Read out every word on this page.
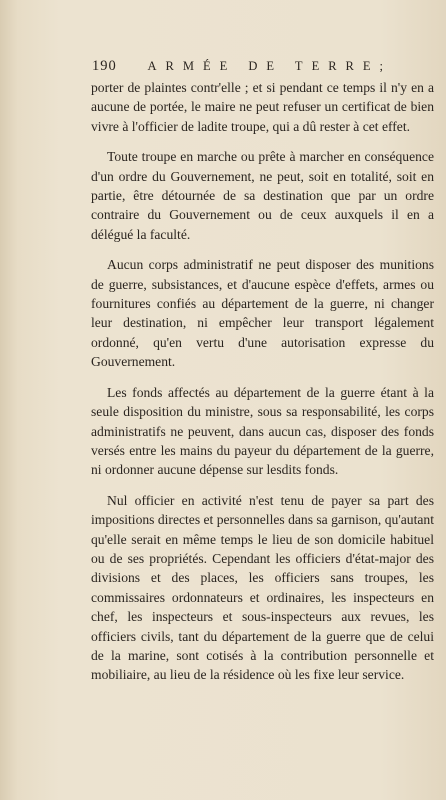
190 ARMÉE DE TERRE;

porter de plaintes contr'elle ; et si pendant ce temps il n'y en a aucune de portée, le maire ne peut refuser un certificat de bien vivre à l'officier de ladite troupe, qui a dû rester à cet effet.

Toute troupe en marche ou prête à marcher en conséquence d'un ordre du Gouvernement, ne peut, soit en totalité, soit en partie, être détournée de sa destination que par un ordre contraire du Gouvernement ou de ceux auxquels il en a délégué la faculté.

Aucun corps administratif ne peut disposer des munitions de guerre, subsistances, et d'aucune espèce d'effets, armes ou fournitures confiés au département de la guerre, ni changer leur destination, ni empêcher leur transport légalement ordonné, qu'en vertu d'une autorisation expresse du Gouvernement.

Les fonds affectés au département de la guerre étant à la seule disposition du ministre, sous sa responsabilité, les corps administratifs ne peuvent, dans aucun cas, disposer des fonds versés entre les mains du payeur du département de la guerre, ni ordonner aucune dépense sur lesdits fonds.

Nul officier en activité n'est tenu de payer sa part des impositions directes et personnelles dans sa garnison, qu'autant qu'elle serait en même temps le lieu de son domicile habituel ou de ses propriétés. Cependant les officiers d'état-major des divisions et des places, les officiers sans troupes, les commissaires ordonnateurs et ordinaires, les inspecteurs en chef, les inspecteurs et sous-inspecteurs aux revues, les officiers civils, tant du département de la guerre que de celui de la marine, sont cotisés à la contribution personnelle et mobiliaire, au lieu de la résidence où les fixe leur service.
